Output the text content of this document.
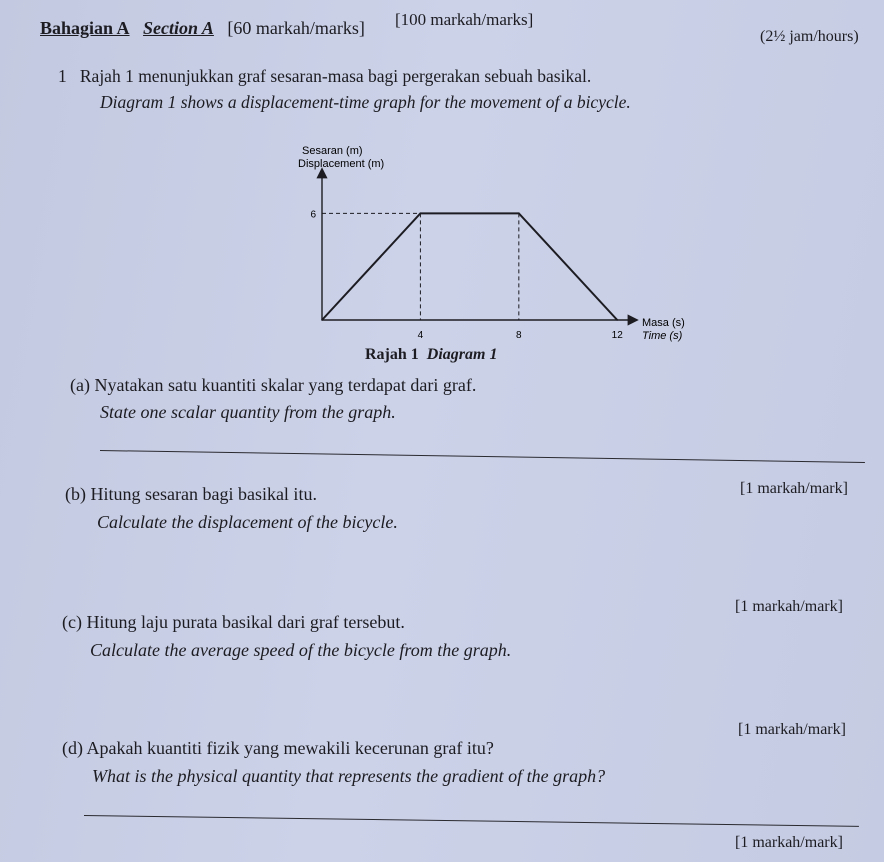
[100 markah/marks]
(2½ jam/hours)
Bahagian A Section A [60 markah/marks]
1 Rajah 1 menunjukkan graf sesaran-masa bagi pergerakan sebuah basikal.
Diagram 1 shows a displacement-time graph for the movement of a bicycle.
Sesaran (m)
Displacement (m)
Masa (s)
Time (s)
4	8	12
6
Rajah 1 Diagram 1
(a) Nyatakan satu kuantiti skalar yang terdapat dari graf.
State one scalar quantity from the graph.
[1 markah/mark]
(b) Hitung sesaran bagi basikal itu.
Calculate the displacement of the bicycle.
[1 markah/mark]
(c) Hitung laju purata basikal dari graf tersebut.
Calculate the average speed of the bicycle from the graph.
[1 markah/mark]
(d) Apakah kuantiti fizik yang mewakili kecerunan graf itu?
What is the physical quantity that represents the gradient of the graph?
[1 markah/mark]
